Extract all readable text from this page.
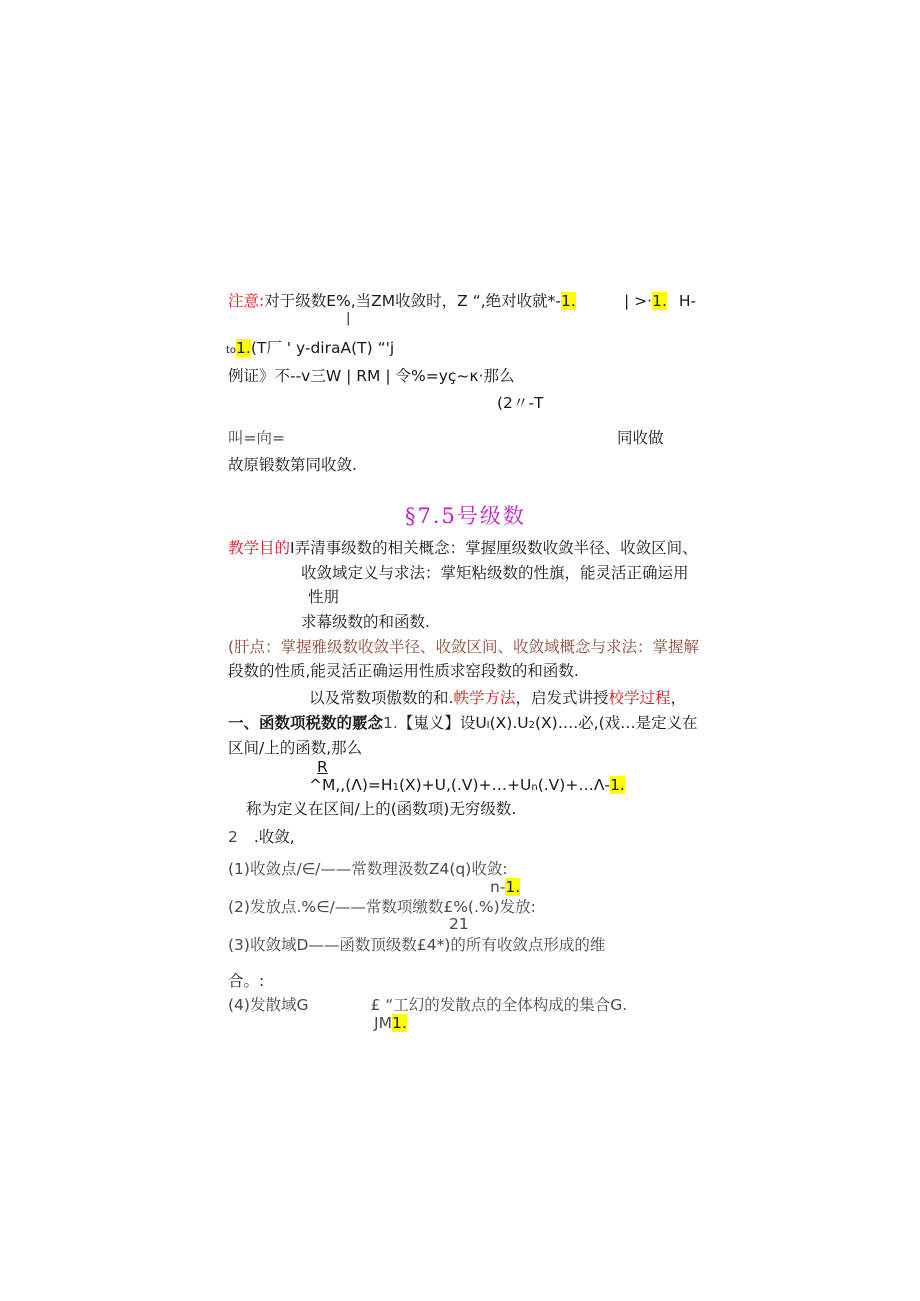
注意:对于级数E%,当ZM收敛时，Z “,绝对收就*-1.	| >·1. H-
|
to1.(T厂 ' y-diraA(T) “'j
例证》不--v三W | RM | 令%=yç~κ·那么
(2〃-T
叫=向=	同收做
故原锻数第同收敛.
§7.5号级数
教学目的I弄清事级数的相关概念：掌握厘级数收敛半径、收敛区间、
收敛域定义与求法：掌矩粘级数的性旗，能灵活正确运用
性朋
求幕级数的和函数.
(肝点：掌握雅级数收敛半径、收敛区间、收敛域概念与求法：掌握解
段数的性质,能灵活正确运用性质求窑段数的和函数.
以及常数项傲数的和.帙学方法，启发式讲授校学过程，
一、函数项税数的覈念1.【嵬义】设UI(X).U2(X)….必,(戏…是定义在
区间/上的函数,那么
R
^M,,(Λ)=H1(X)+U,(.V)+…+Un(.V)+…Λ-1.
称为定义在区间/上的(函数项)无穷级数.
2 .收敛,
(1)收敛点/∈/——常数理汲数Z4(q)收敛:
n-1.
(2)发放点.%∈/——常数项缴数£%(.%)发放:
21
(3)收敛域D——函数顶级数£4*)的所有收敛点形成的维
合。:
(4)发散域G	£ “工幻的发散点的全体构成的集合G.
JM1.
